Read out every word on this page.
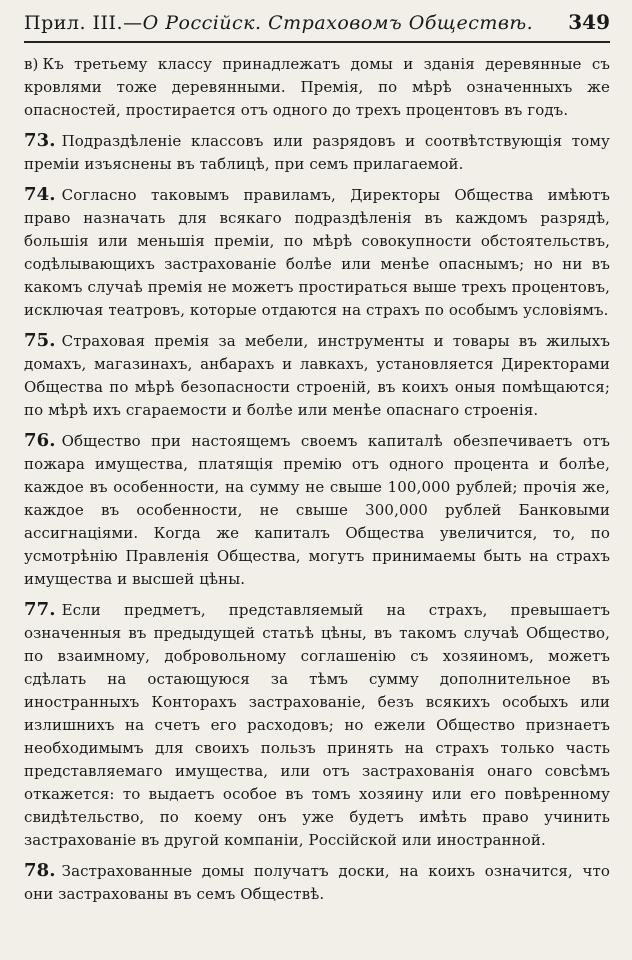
Прил. III.—О Россійск. Страховомъ Обществѣ. 349

в) Къ третьему классу принадлежатъ домы и зданія деревянные съ кровлями тоже деревянными. Премія, по мѣрѣ означенныхъ же опасностей, простирается отъ одного до трехъ процентовъ въ годъ.

73. Подраздѣленіе классовъ или разрядовъ и соотвѣтствующія тому преміи изъяснены въ таблицѣ, при семъ прилагаемой.

74. Согласно таковымъ правиламъ, Директоры Общества имѣютъ право назначать для всякаго подраздѣленія въ каждомъ разрядѣ, большія или меньшія преміи, по мѣрѣ совокупности обстоятельствъ, содѣлывающихъ застрахованіе болѣе или менѣе опаснымъ; но ни въ какомъ случаѣ премія не можетъ простираться выше трехъ процентовъ, исключая театровъ, которые отдаются на страхъ по особымъ условіямъ.

75. Страховая премія за мебели, инструменты и товары въ жилыхъ домахъ, магазинахъ, анбарахъ и лавкахъ, установляется Директорами Общества по мѣрѣ безопасности строеній, въ коихъ оныя помѣщаются; по мѣрѣ ихъ сгараемости и болѣе или менѣе опаснаго строенія.

76. Общество при настоящемъ своемъ капиталѣ обезпечиваетъ отъ пожара имущества, платящія премію отъ одного процента и болѣе, каждое въ особенности, на сумму не свыше 100,000 рублей; прочія же, каждое въ особенности, не свыше 300,000 рублей Банковыми ассигнаціями. Когда же капиталъ Общества увеличится, то, по усмотрѣнію Правленія Общества, могутъ принимаемы быть на страхъ имущества и высшей цѣны.

77. Если предметъ, представляемый на страхъ, превышаетъ означенныя въ предыдущей статьѣ цѣны, въ такомъ случаѣ Общество, по взаимному, добровольному соглашенію съ хозяиномъ, можетъ сдѣлать на остающуюся за тѣмъ сумму дополнительное въ иностранныхъ Конторахъ застрахованіе, безъ всякихъ особыхъ или излишнихъ на счетъ его расходовъ; но ежели Общество признаетъ необходимымъ для своихъ пользъ принять на страхъ только часть представляемаго имущества, или отъ застрахованія онаго совсѣмъ откажется: то выдаетъ особое въ томъ хозяину или его повѣренному свидѣтельство, по коему онъ уже будетъ имѣть право учинить застрахованіе въ другой компаніи, Россійской или иностранной.

78. Застрахованные домы получатъ доски, на коихъ означится, что они застрахованы въ семъ Обществѣ.
